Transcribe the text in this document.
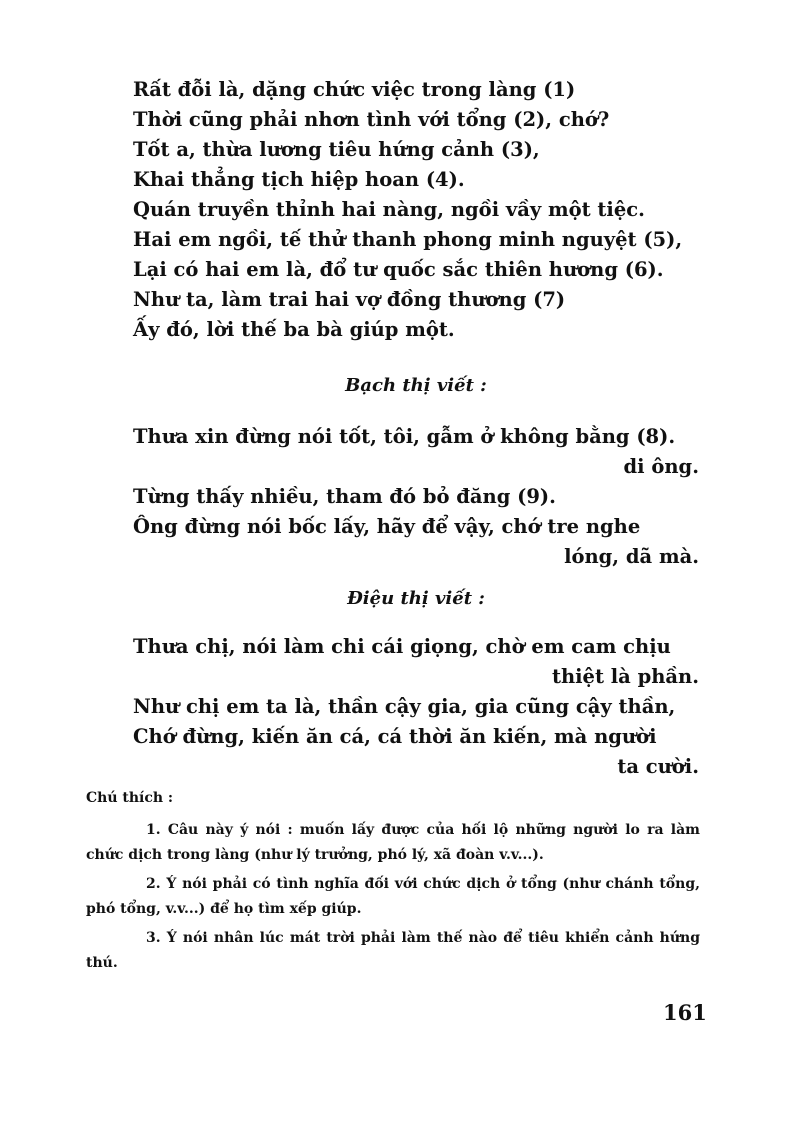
Rất đỗi là, dặng chức việc trong làng (1)
Thời cũng phải nhơn tình với tổng (2), chớ?
Tốt a, thừa lương tiêu hứng cảnh (3),
Khai thẳng tịch hiệp hoan (4).
Quán truyền thỉnh hai nàng, ngồi vầy một tiệc.
Hai em ngồi, tế thử thanh phong minh nguyệt (5),
Lại có hai em là, đổ tư quốc sắc thiên hương (6).
Như ta, làm trai hai vợ đồng thương (7)
Ấy đó, lời thế ba bà giúp một.
Bạch thị viết :
Thưa xin đừng nói tốt, tôi, gẫm ở không bằng (8).
di ông.
Từng thấy nhiều, tham đó bỏ đăng (9).
Ông đừng nói bốc lấy, hãy để vậy, chớ tre nghe
lóng, dã mà.
Điệu thị viết :
Thưa chị, nói làm chi cái giọng, chờ em cam chịu
thiệt là phần.
Như chị em ta là, thần cậy gia, gia cũng cậy thần,
Chớ đừng, kiến ăn cá, cá thời ăn kiến, mà người
ta cười.
Chú thích :
1. Câu này ý nói : muốn lấy được của hối lộ những người lo ra làm chức dịch trong làng (như lý trưởng, phó lý, xã đoàn v.v...).
2. Ý nói phải có tình nghĩa đối với chức dịch ở tổng (như chánh tổng, phó tổng, v.v...) để họ tìm xếp giúp.
3. Ý nói nhân lúc mát trời phải làm thế nào để tiêu khiển cảnh hứng thú.
161
